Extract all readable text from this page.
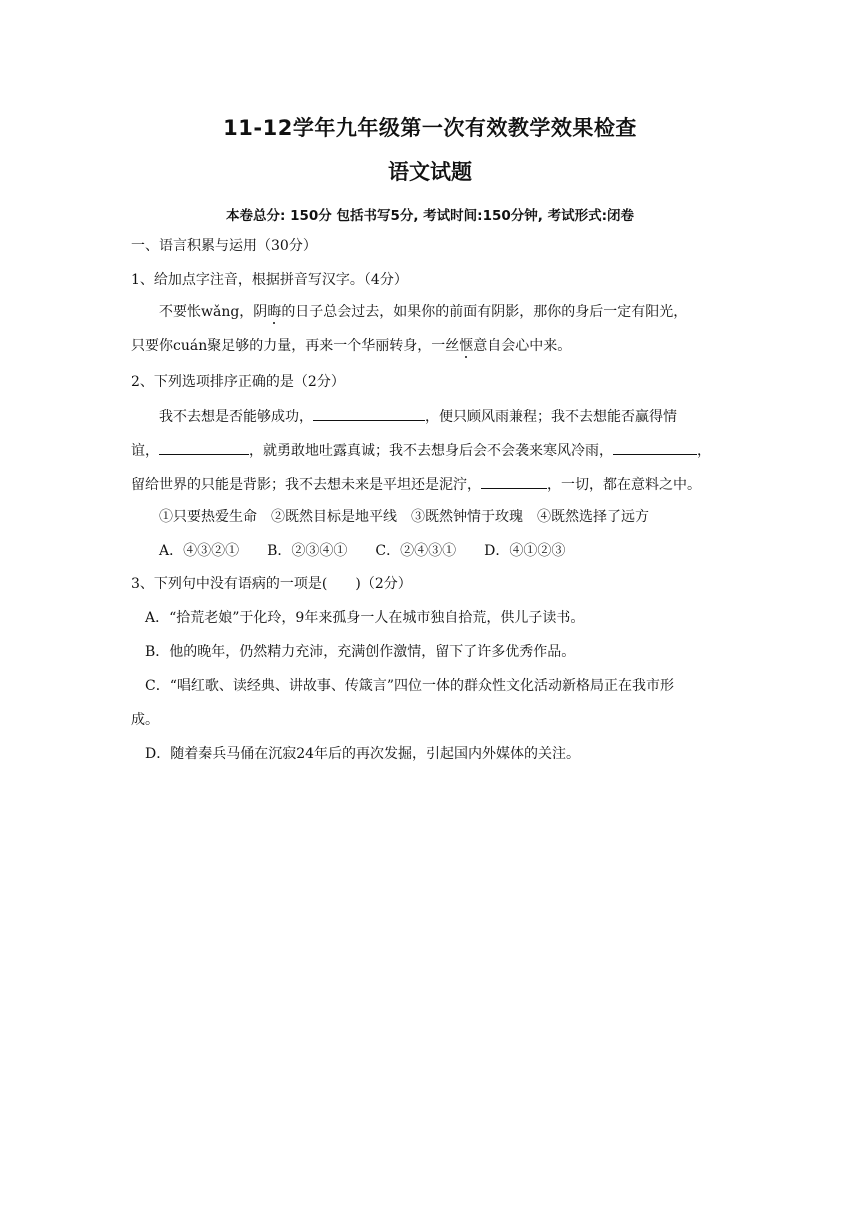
11-12学年九年级第一次有效教学效果检查
语文试题
本卷总分: 150分 包括书写5分, 考试时间:150分钟, 考试形式:闭卷
一、语言积累与运用（30分）
1、给加点字注音，根据拼音写汉字。（4分）
不要怅wǎng，阴晦的日子总会过去，如果你的前面有阴影，那你的身后一定有阳光，
只要你cuán聚足够的力量，再来一个华丽转身，一丝惬意自会心中来。
2、下列选项排序正确的是（2分）
我不去想是否能够成功，	，便只顾风雨兼程；我不去想能否赢得情
谊，	，就勇敢地吐露真诚；我不去想身后会不会袭来寒风冷雨，	，
留给世界的只能是背影；我不去想未来是平坦还是泥泞，	，一切，都在意料之中。
①只要热爱生命　②既然目标是地平线　③既然钟情于玫瑰　④既然选择了远方
A．④③②①　　B．②③④①　　C．②④③①　　D．④①②③
3、下列句中没有语病的一项是(　　)（2分）
A．“拾荒老娘”于化玲，9年来孤身一人在城市独自拾荒，供儿子读书。
B．他的晚年，仍然精力充沛，充满创作激情，留下了许多优秀作品。
C．“唱红歌、读经典、讲故事、传箴言”四位一体的群众性文化活动新格局正在我市形
成。
D．随着秦兵马俑在沉寂24年后的再次发掘，引起国内外媒体的关注。
